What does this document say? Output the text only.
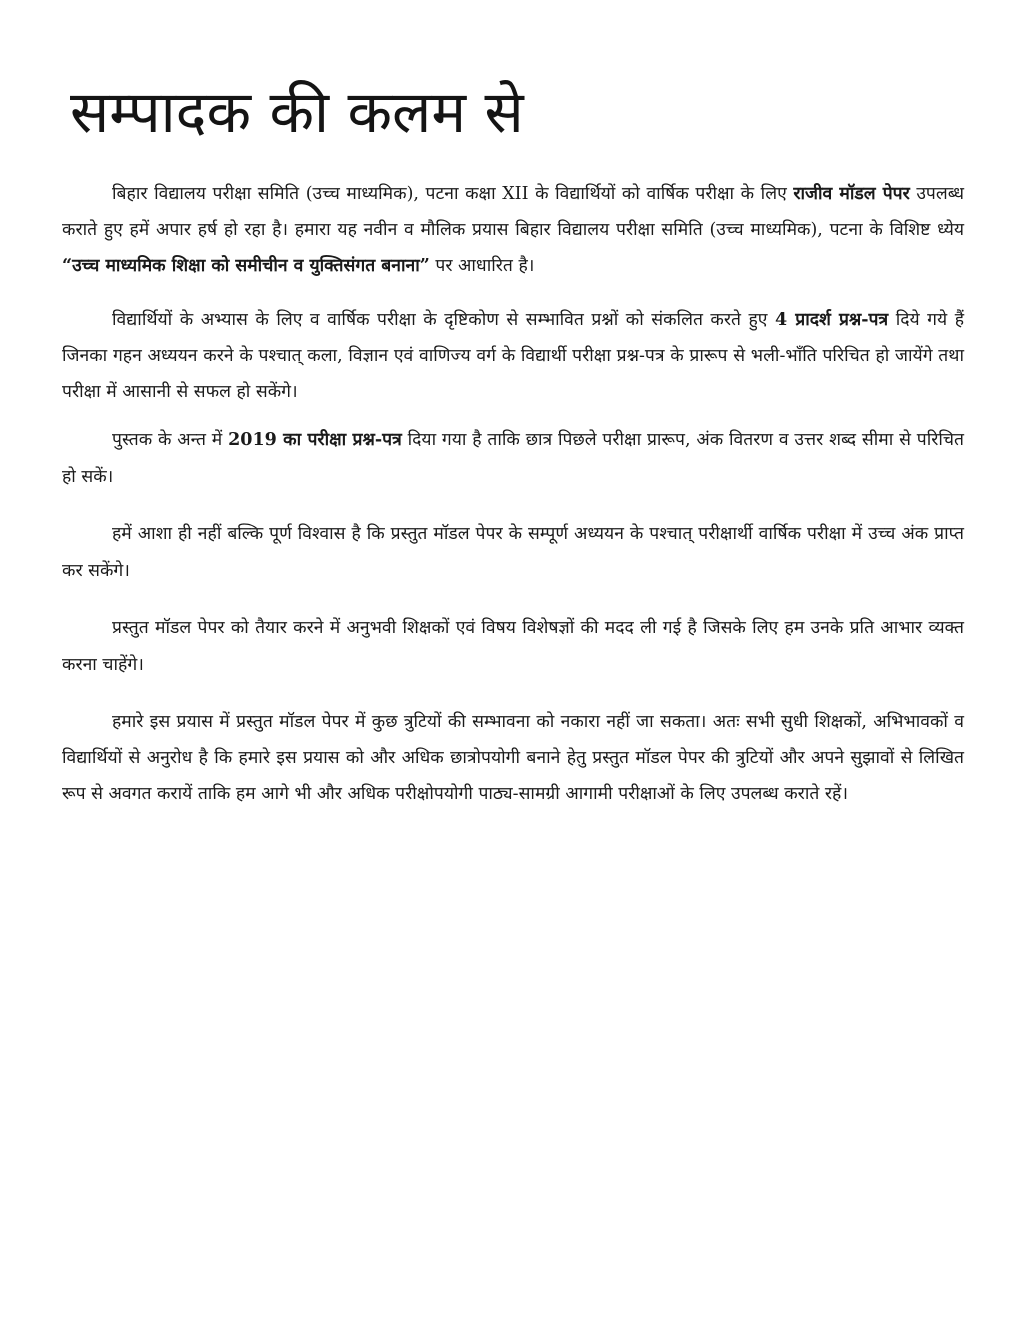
सम्पादक की कलम से

बिहार विद्यालय परीक्षा समिति (उच्च माध्यमिक), पटना कक्षा XII के विद्यार्थियों को वार्षिक परीक्षा के लिए राजीव मॉडल पेपर उपलब्ध कराते हुए हमें अपार हर्ष हो रहा है। हमारा यह नवीन व मौलिक प्रयास बिहार विद्यालय परीक्षा समिति (उच्च माध्यमिक), पटना के विशिष्ट ध्येय “उच्च माध्यमिक शिक्षा को समीचीन व युक्तिसंगत बनाना” पर आधारित है।

विद्यार्थियों के अभ्यास के लिए व वार्षिक परीक्षा के दृष्टिकोण से सम्भावित प्रश्नों को संकलित करते हुए 4 प्रादर्श प्रश्न-पत्र दिये गये हैं जिनका गहन अध्ययन करने के पश्चात् कला, विज्ञान एवं वाणिज्य वर्ग के विद्यार्थी परीक्षा प्रश्न-पत्र के प्रारूप से भली-भाँति परिचित हो जायेंगे तथा परीक्षा में आसानी से सफल हो सकेंगे।

पुस्तक के अन्त में 2019 का परीक्षा प्रश्न-पत्र दिया गया है ताकि छात्र पिछले परीक्षा प्रारूप, अंक वितरण व उत्तर शब्द सीमा से परिचित हो सकें।

हमें आशा ही नहीं बल्कि पूर्ण विश्वास है कि प्रस्तुत मॉडल पेपर के सम्पूर्ण अध्ययन के पश्चात् परीक्षार्थी वार्षिक परीक्षा में उच्च अंक प्राप्त कर सकेंगे।

प्रस्तुत मॉडल पेपर को तैयार करने में अनुभवी शिक्षकों एवं विषय विशेषज्ञों की मदद ली गई है जिसके लिए हम उनके प्रति आभार व्यक्त करना चाहेंगे।

हमारे इस प्रयास में प्रस्तुत मॉडल पेपर में कुछ त्रुटियों की सम्भावना को नकारा नहीं जा सकता। अतः सभी सुधी शिक्षकों, अभिभावकों व विद्यार्थियों से अनुरोध है कि हमारे इस प्रयास को और अधिक छात्रोपयोगी बनाने हेतु प्रस्तुत मॉडल पेपर की त्रुटियों और अपने सुझावों से लिखित रूप से अवगत करायें ताकि हम आगे भी और अधिक परीक्षोपयोगी पाठ्य-सामग्री आगामी परीक्षाओं के लिए उपलब्ध कराते रहें।
